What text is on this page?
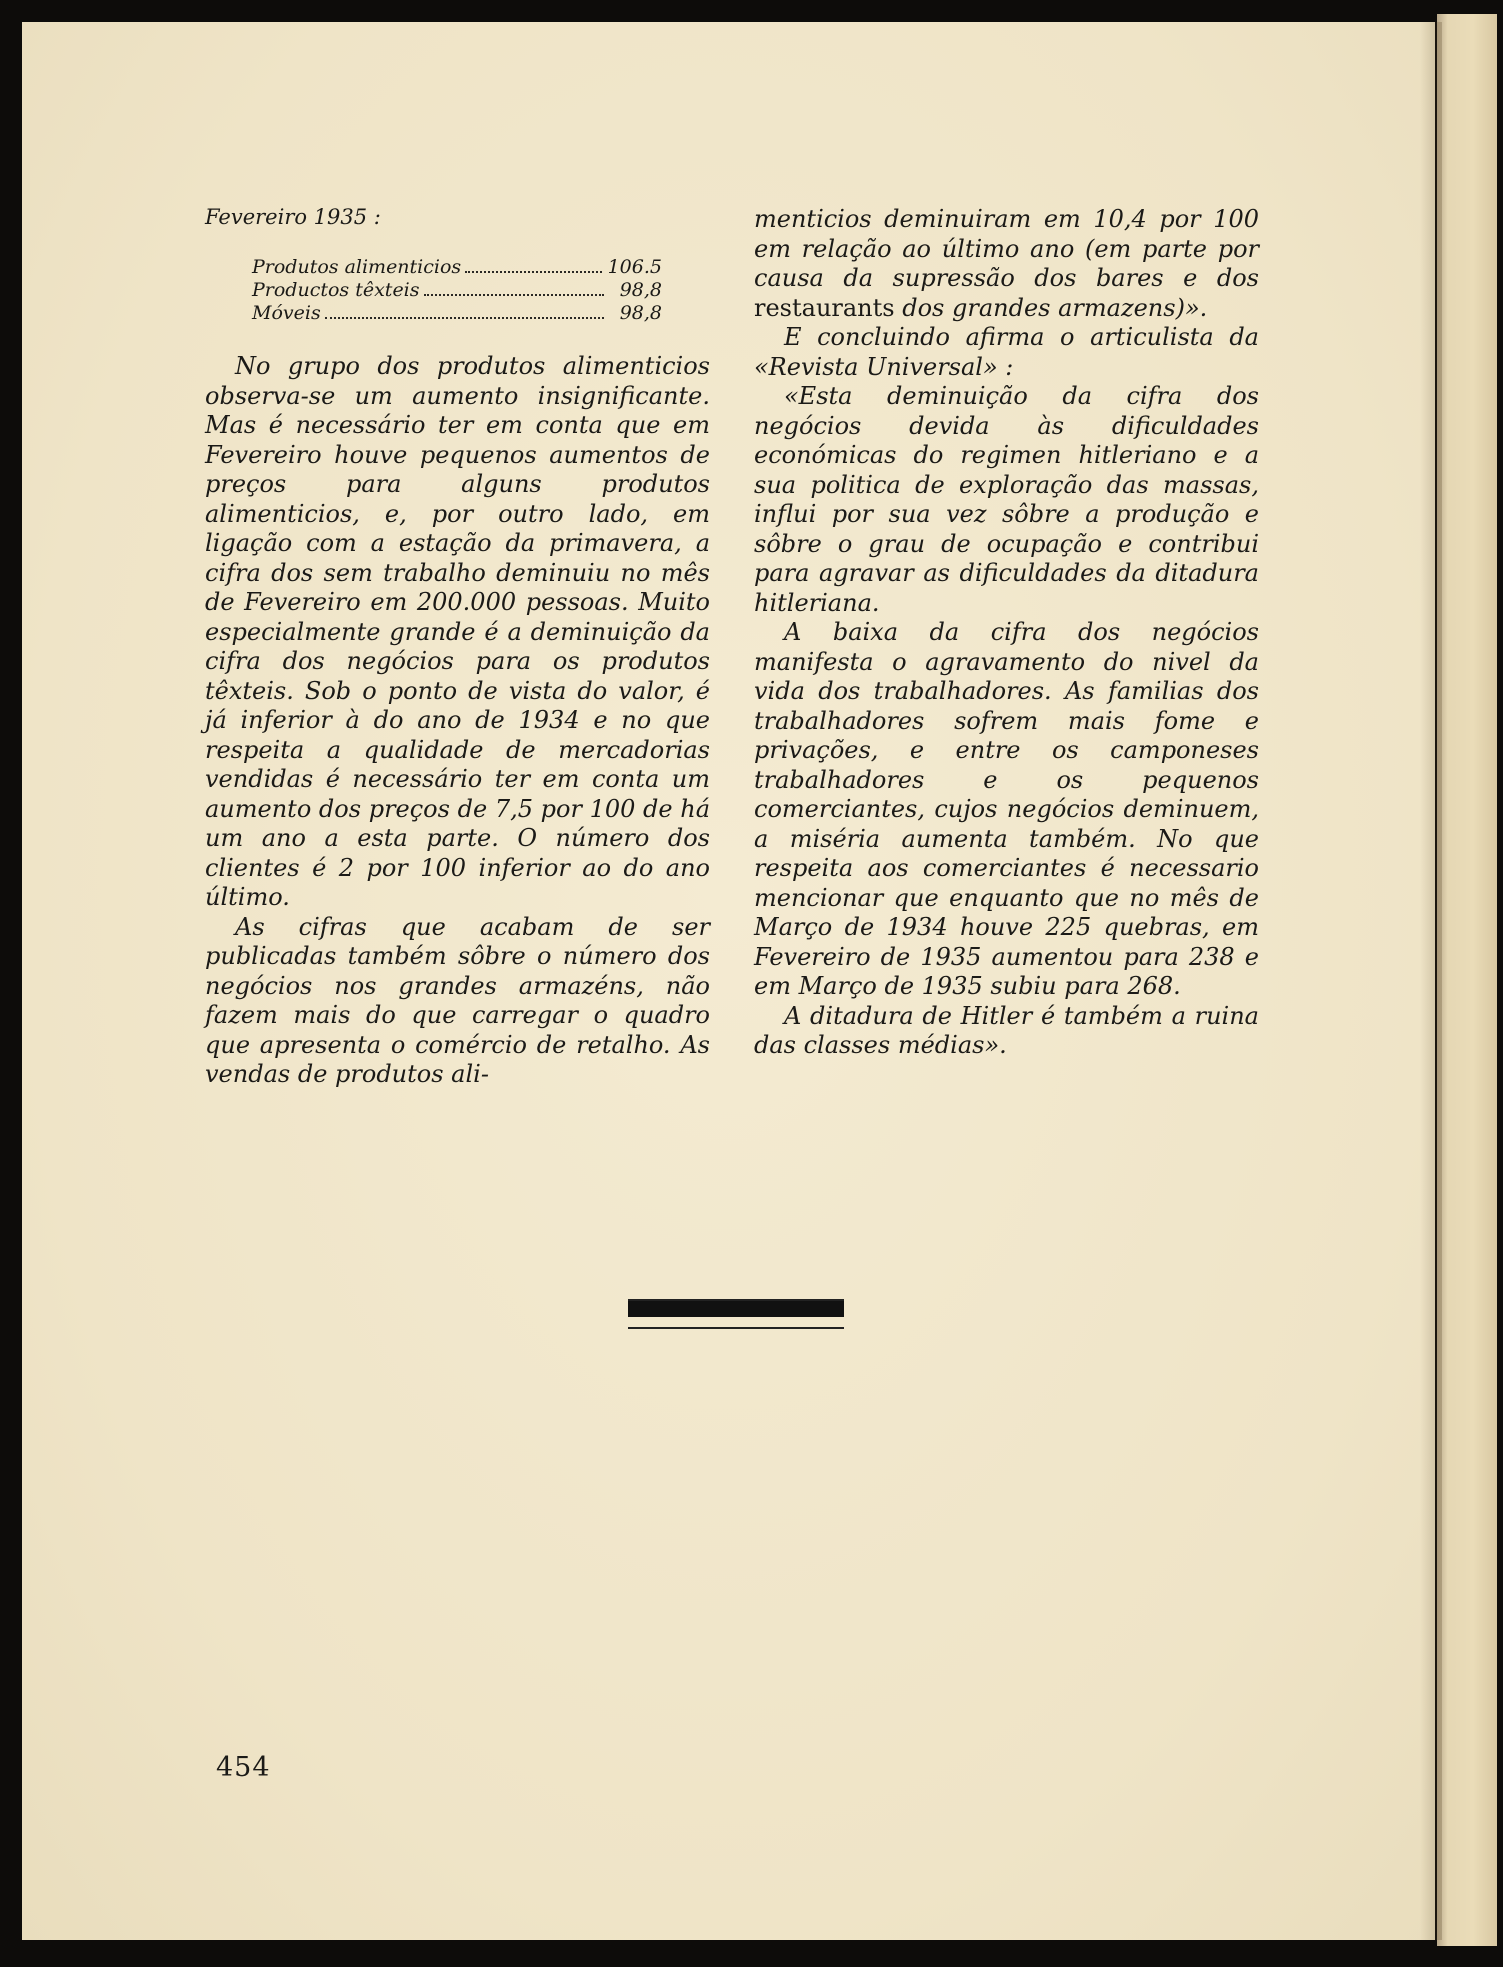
Fevereiro 1935 :
Produtos alimenticios	106.5
Productos têxteis	98,8
Móveis	98,8

No grupo dos produtos alimenticios observa-se um aumento insignificante. Mas é necessário ter em conta que em Fevereiro houve pequenos aumentos de preços para alguns produtos alimenticios, e, por outro lado, em ligação com a estação da primavera, a cifra dos sem trabalho deminuiu no mês de Fevereiro em 200.000 pessoas. Muito especialmente grande é a deminuição da cifra dos negócios para os produtos têxteis. Sob o ponto de vista do valor, é já inferior à do ano de 1934 e no que respeita a qualidade de mercadorias vendidas é necessário ter em conta um aumento dos preços de 7,5 por 100 de há um ano a esta parte. O número dos clientes é 2 por 100 inferior ao do ano último.

As cifras que acabam de ser publicadas também sôbre o número dos negócios nos grandes armazéns, não fazem mais do que carregar o quadro que apresenta o comércio de retalho. As vendas de produtos ali-

menticios deminuiram em 10,4 por 100 em relação ao último ano (em parte por causa da supressão dos bares e dos restaurants dos grandes armazens)».

E concluindo afirma o articulista da «Revista Universal» :

«Esta deminuição da cifra dos negócios devida às dificuldades económicas do regimen hitleriano e a sua politica de exploração das massas, influi por sua vez sôbre a produção e sôbre o grau de ocupação e contribui para agravar as dificuldades da ditadura hitleriana.

A baixa da cifra dos negócios manifesta o agravamento do nivel da vida dos trabalhadores. As familias dos trabalhadores sofrem mais fome e privações, e entre os camponeses trabalhadores e os pequenos comerciantes, cujos negócios deminuem, a miséria aumenta também. No que respeita aos comerciantes é necessario mencionar que enquanto que no mês de Março de 1934 houve 225 quebras, em Fevereiro de 1935 aumentou para 238 e em Março de 1935 subiu para 268.

A ditadura de Hitler é também a ruina das classes médias».

454
